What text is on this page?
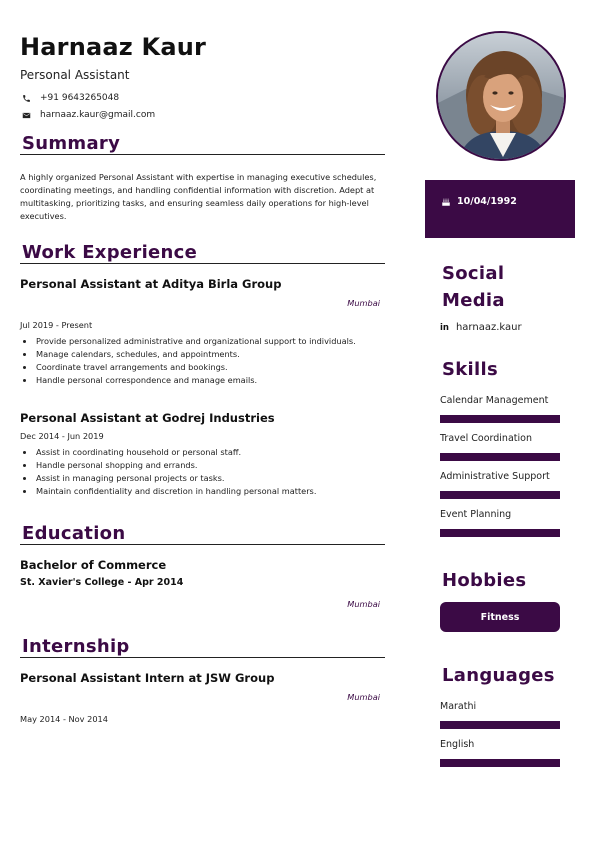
Harnaaz Kaur
Personal Assistant
+91 9643265048
harnaaz.kaur@gmail.com
Summary
A highly organized Personal Assistant with expertise in managing executive schedules, coordinating meetings, and handling confidential information with discretion. Adept at multitasking, prioritizing tasks, and ensuring seamless daily operations for high-level executives.
Work Experience
Personal Assistant at Aditya Birla Group
Mumbai
Jul 2019 - Present
Provide personalized administrative and organizational support to individuals.
Manage calendars, schedules, and appointments.
Coordinate travel arrangements and bookings.
Handle personal correspondence and manage emails.
Personal Assistant at Godrej Industries
Dec 2014 - Jun 2019
Assist in coordinating household or personal staff.
Handle personal shopping and errands.
Assist in managing personal projects or tasks.
Maintain confidentiality and discretion in handling personal matters.
Education
Bachelor of Commerce
St. Xavier's College - Apr 2014
Mumbai
Internship
Personal Assistant Intern at JSW Group
Mumbai
May 2014 - Nov 2014
10/04/1992
Social
Media
in harnaaz.kaur
Skills
Calendar Management
Travel Coordination
Administrative Support
Event Planning
Hobbies
Fitness
Languages
Marathi
English
